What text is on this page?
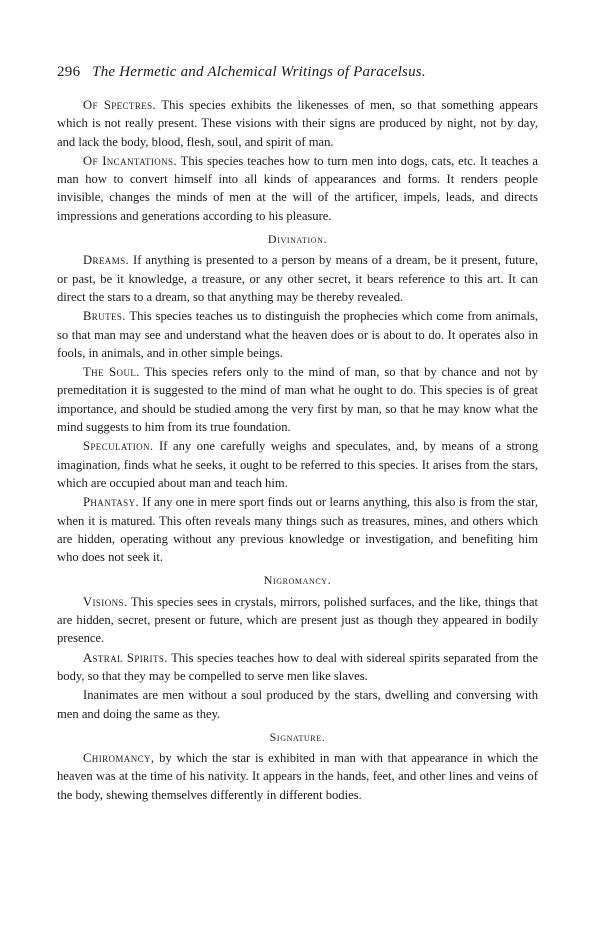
296 The Hermetic and Alchemical Writings of Paracelsus.

Of Spectres. This species exhibits the likenesses of men, so that something appears which is not really present. These visions with their signs are produced by night, not by day, and lack the body, blood, flesh, soul, and spirit of man.

Of Incantations. This species teaches how to turn men into dogs, cats, etc. It teaches a man how to convert himself into all kinds of appearances and forms. It renders people invisible, changes the minds of men at the will of the artificer, impels, leads, and directs impressions and generations according to his pleasure.

Divination.

Dreams. If anything is presented to a person by means of a dream, be it present, future, or past, be it knowledge, a treasure, or any other secret, it bears reference to this art. It can direct the stars to a dream, so that anything may be thereby revealed.

Brutes. This species teaches us to distinguish the prophecies which come from animals, so that man may see and understand what the heaven does or is about to do. It operates also in fools, in animals, and in other simple beings.

The Soul. This species refers only to the mind of man, so that by chance and not by premeditation it is suggested to the mind of man what he ought to do. This species is of great importance, and should be studied among the very first by man, so that he may know what the mind suggests to him from its true foundation.

Speculation. If any one carefully weighs and speculates, and, by means of a strong imagination, finds what he seeks, it ought to be referred to this species. It arises from the stars, which are occupied about man and teach him.

Phantasy. If any one in mere sport finds out or learns anything, this also is from the star, when it is matured. This often reveals many things such as treasures, mines, and others which are hidden, operating without any previous knowledge or investigation, and benefiting him who does not seek it.

Nigromancy.

Visions. This species sees in crystals, mirrors, polished surfaces, and the like, things that are hidden, secret, present or future, which are present just as though they appeared in bodily presence.

Astral Spirits. This species teaches how to deal with sidereal spirits separated from the body, so that they may be compelled to serve men like slaves.

Inanimates are men without a soul produced by the stars, dwelling and conversing with men and doing the same as they.

Signature.

Chiromancy, by which the star is exhibited in man with that appearance in which the heaven was at the time of his nativity. It appears in the hands, feet, and other lines and veins of the body, shewing themselves differently in different bodies.
